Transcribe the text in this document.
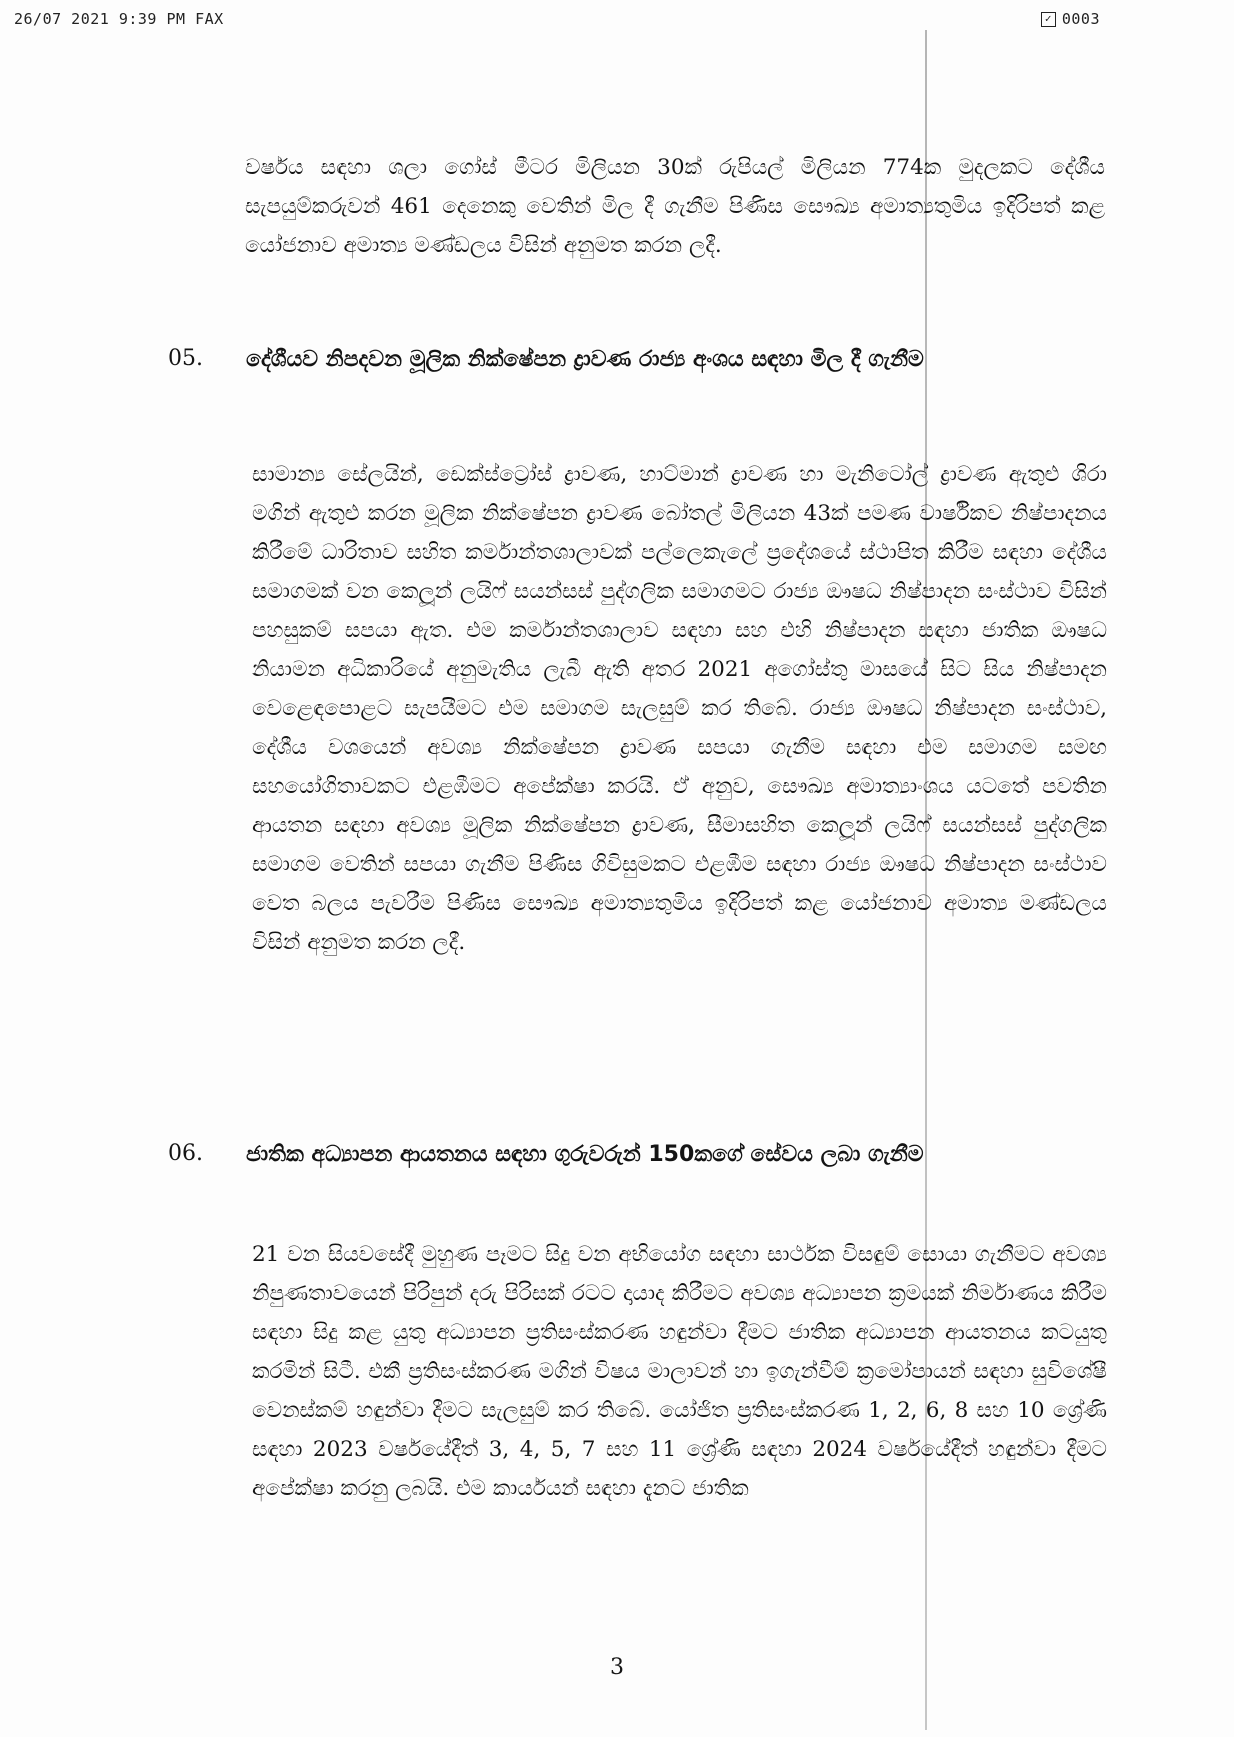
26/07 2021 9:39 PM FAX	✓ 0003

වර්ෂය සඳහා ශලා ගෝස් මීටර මිලියන 30ක් රුපියල් මිලියන 774ක මුදලකට දේශීය සැපයුම්කරුවන් 461 දෙනෙකු වෙතින් මිල දී ගැනීම පිණිස සෞඛ්‍ය අමාත්‍යතුමිය ඉදිරිපත් කළ යෝජනාව අමාත්‍ය මණ්ඩලය විසින් අනුමත කරන ලදී.

05. දේශීයව නිපදවන මූලික නික්ෂේපන ද්‍රාවණ රාජ්‍ය අංශය සඳහා මිල දී ගැනීම

සාමාන්‍ය සේලයින්, ඩෙක්ස්ට්‍රෝස් ද්‍රාවණ, හාට්මාන් ද්‍රාවණ හා මැනිටෝල් ද්‍රාවණ ඇතුළු ශිරා මගින් ඇතුළු කරන මූලික නික්ෂේපන ද්‍රාවණ බෝතල් මිලියන 43ක් පමණ වාර්ෂිකව නිෂ්පාදනය කිරීමේ ධාරිතාව සහිත කර්මාන්තශාලාවක් පල්ලෙකැලේ ප්‍රදේශයේ ස්ථාපිත කිරීම සඳහා දේශීය සමාගමක් වන කෙලූන් ලයිෆ් සයන්සස් පුද්ගලික සමාගමට රාජ්‍ය ඖෂධ නිෂ්පාදන සංස්ථාව විසින් පහසුකම් සපයා ඇත. එම කර්මාන්තශාලාව සඳහා සහ එහි නිෂ්පාදන සඳහා ජාතික ඖෂධ නියාමන අධිකාරියේ අනුමැතිය ලැබී ඇති අතර 2021 අගෝස්තු මාසයේ සිට සිය නිෂ්පාදන වෙළෙඳපොළට සැපයීමට එම සමාගම සැලසුම් කර තිබේ. රාජ්‍ය ඖෂධ නිෂ්පාදන සංස්ථාව, දේශීය වශයෙන් අවශ්‍ය නික්ෂේපන ද්‍රාවණ සපයා ගැනීම සඳහා එම සමාගම සමඟ සහයෝගිතාවකට එළඹීමට අපේක්ෂා කරයි. ඒ අනුව, සෞඛ්‍ය අමාත්‍යාංශය යටතේ පවතින ආයතන සඳහා අවශ්‍ය මූලික නික්ෂේපන ද්‍රාවණ, සීමාසහිත කෙලූන් ලයිෆ් සයන්සස් පුද්ගලික සමාගම වෙතින් සපයා ගැනීම පිණිස ගිවිසුමකට එළඹීම සඳහා රාජ්‍ය ඖෂධ නිෂ්පාදන සංස්ථාව වෙත බලය පැවරීම පිණිස සෞඛ්‍ය අමාත්‍යතුමිය ඉදිරිපත් කළ යෝජනාව අමාත්‍ය මණ්ඩලය විසින් අනුමත කරන ලදී.

06. ජාතික අධ්‍යාපන ආයතනය සඳහා ගුරුවරුන් 150කගේ සේවය ලබා ගැනීම

21 වන සියවසේදී මුහුණ පෑමට සිදු වන අභියෝග සඳහා සාර්ථක විසඳුම් සොයා ගැනීමට අවශ්‍ය නිපුණතාවයෙන් පිරිපුන් දරු පිරිසක් රටට දායාද කිරීමට අවශ්‍ය අධ්‍යාපන ක්‍රමයක් නිර්මාණය කිරීම සඳහා සිදු කළ යුතු අධ්‍යාපන ප්‍රතිසංස්කරණ හඳුන්වා දීමට ජාතික අධ්‍යාපන ආයතනය කටයුතු කරමින් සිටී. එකී ප්‍රතිසංස්කරණ මගින් විෂය මාලාවන් හා ඉගැන්වීම් ක්‍රමෝපායන් සඳහා සුවිශේෂී වෙනස්කම් හඳුන්වා දීමට සැලසුම් කර තිබේ. යෝජිත ප්‍රතිසංස්කරණ 1, 2, 6, 8 සහ 10 ශ්‍රේණි සඳහා 2023 වර්ෂයේදීත් 3, 4, 5, 7 සහ 11 ශ්‍රේණි සඳහා 2024 වර්ෂයේදීත් හඳුන්වා දීමට අපේක්ෂා කරනු ලබයි. එම කාර්යයන් සඳහා දැනට ජාතික

3
